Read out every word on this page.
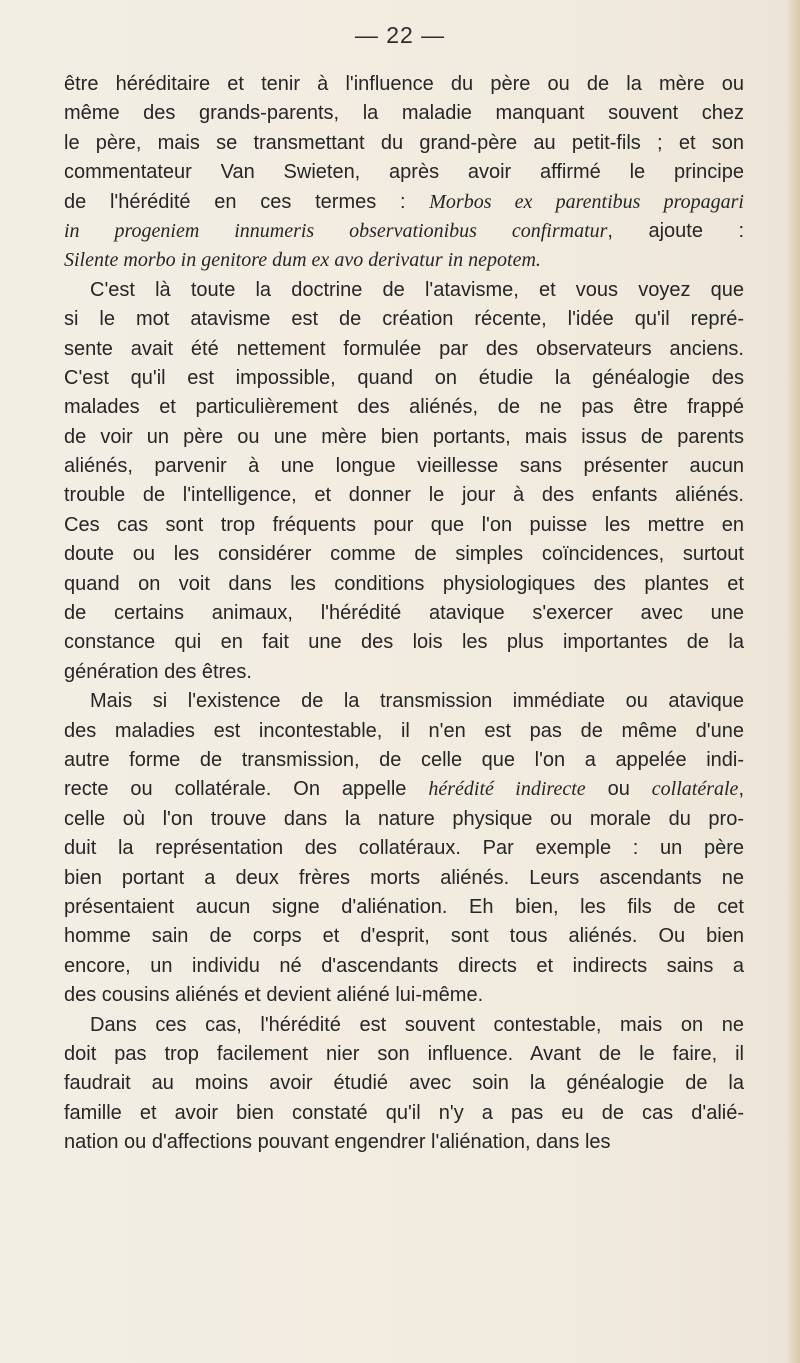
— 22 —
être héréditaire et tenir à l'influence du père ou de la mère ou
même des grands-parents, la maladie manquant souvent chez
le père, mais se transmettant du grand-père au petit-fils ; et son
commentateur Van Swieten, après avoir affirmé le principe
de l'hérédité en ces termes : Morbos ex parentibus propagari
in progeniem innumeris observationibus confirmatur, ajoute :
Silente morbo in genitore dum ex avo derivatur in nepotem.
C'est là toute la doctrine de l'atavisme, et vous voyez que
si le mot atavisme est de création récente, l'idée qu'il repré-
sente avait été nettement formulée par des observateurs anciens.
C'est qu'il est impossible, quand on étudie la généalogie des
malades et particulièrement des aliénés, de ne pas être frappé
de voir un père ou une mère bien portants, mais issus de parents
aliénés, parvenir à une longue vieillesse sans présenter aucun
trouble de l'intelligence, et donner le jour à des enfants aliénés.
Ces cas sont trop fréquents pour que l'on puisse les mettre en
doute ou les considérer comme de simples coïncidences, surtout
quand on voit dans les conditions physiologiques des plantes et
de certains animaux, l'hérédité atavique s'exercer avec une
constance qui en fait une des lois les plus importantes de la
génération des êtres.
Mais si l'existence de la transmission immédiate ou atavique
des maladies est incontestable, il n'en est pas de même d'une
autre forme de transmission, de celle que l'on a appelée indi-
recte ou collatérale. On appelle hérédité indirecte ou collatérale,
celle où l'on trouve dans la nature physique ou morale du pro-
duit la représentation des collatéraux. Par exemple : un père
bien portant a deux frères morts aliénés. Leurs ascendants ne
présentaient aucun signe d'aliénation. Eh bien, les fils de cet
homme sain de corps et d'esprit, sont tous aliénés. Ou bien
encore, un individu né d'ascendants directs et indirects sains a
des cousins aliénés et devient aliéné lui-même.
Dans ces cas, l'hérédité est souvent contestable, mais on ne
doit pas trop facilement nier son influence. Avant de le faire, il
faudrait au moins avoir étudié avec soin la généalogie de la
famille et avoir bien constaté qu'il n'y a pas eu de cas d'alié-
nation ou d'affections pouvant engendrer l'aliénation, dans les
